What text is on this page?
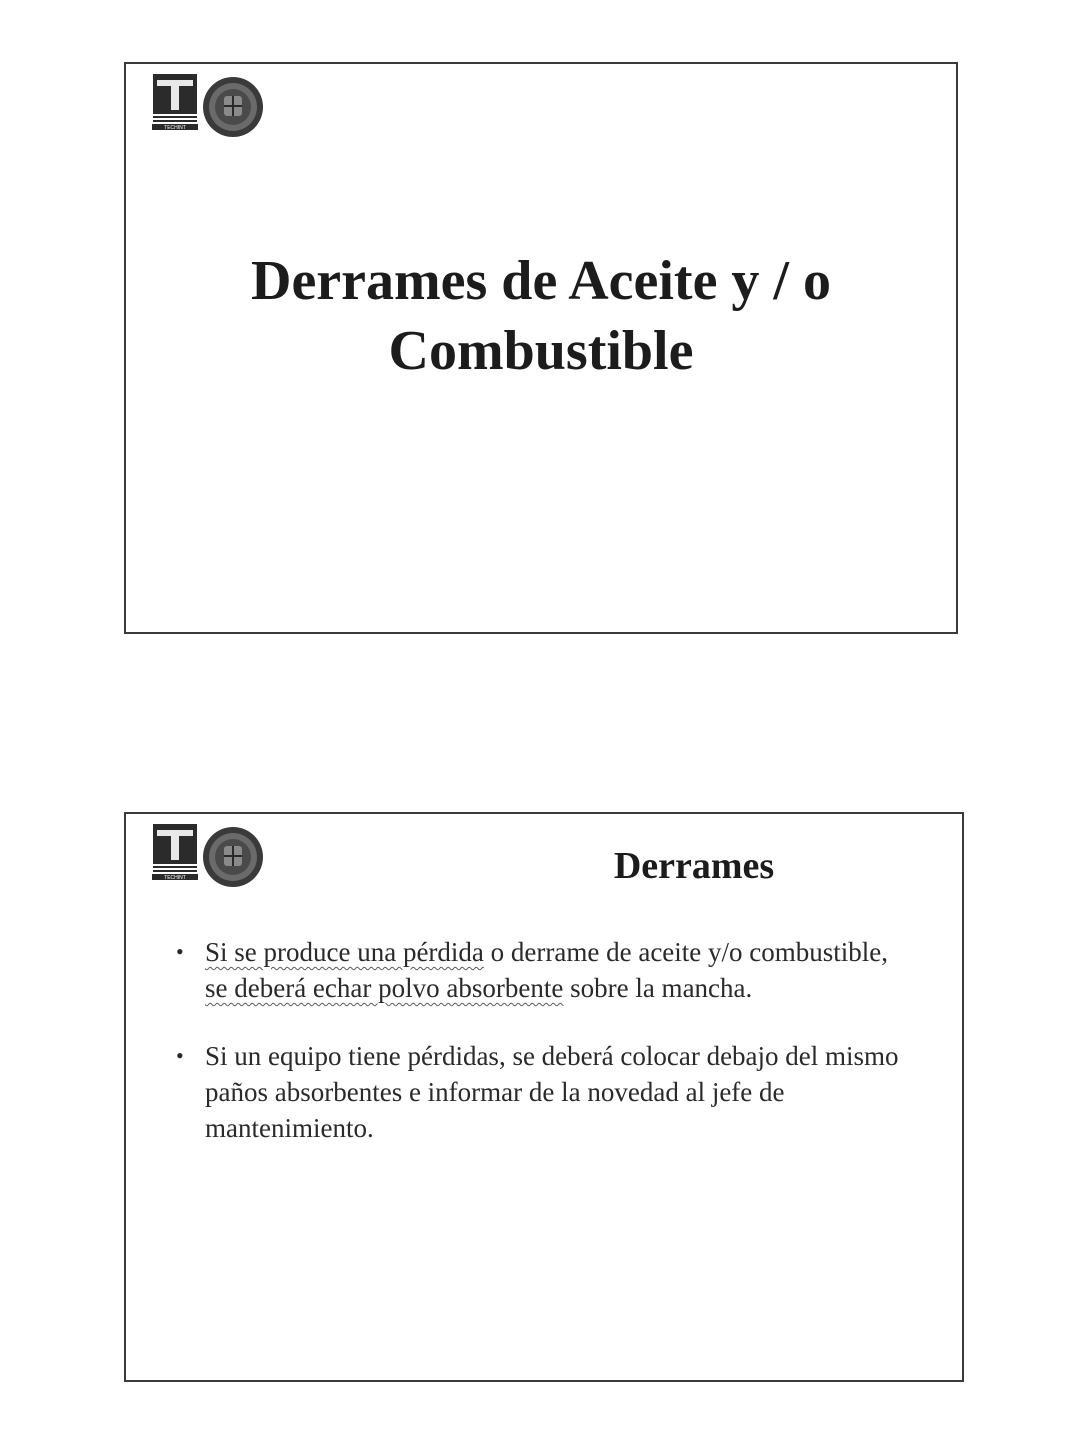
TECHINT
Derrames de Aceite y / o
Combustible
TECHINT	Derrames
• Si se produce una pérdida o derrame de aceite y/o combustible, se deberá echar polvo absorbente sobre la mancha.
• Si un equipo tiene pérdidas, se deberá colocar debajo del mismo paños absorbentes e informar de la novedad al jefe de mantenimiento.
